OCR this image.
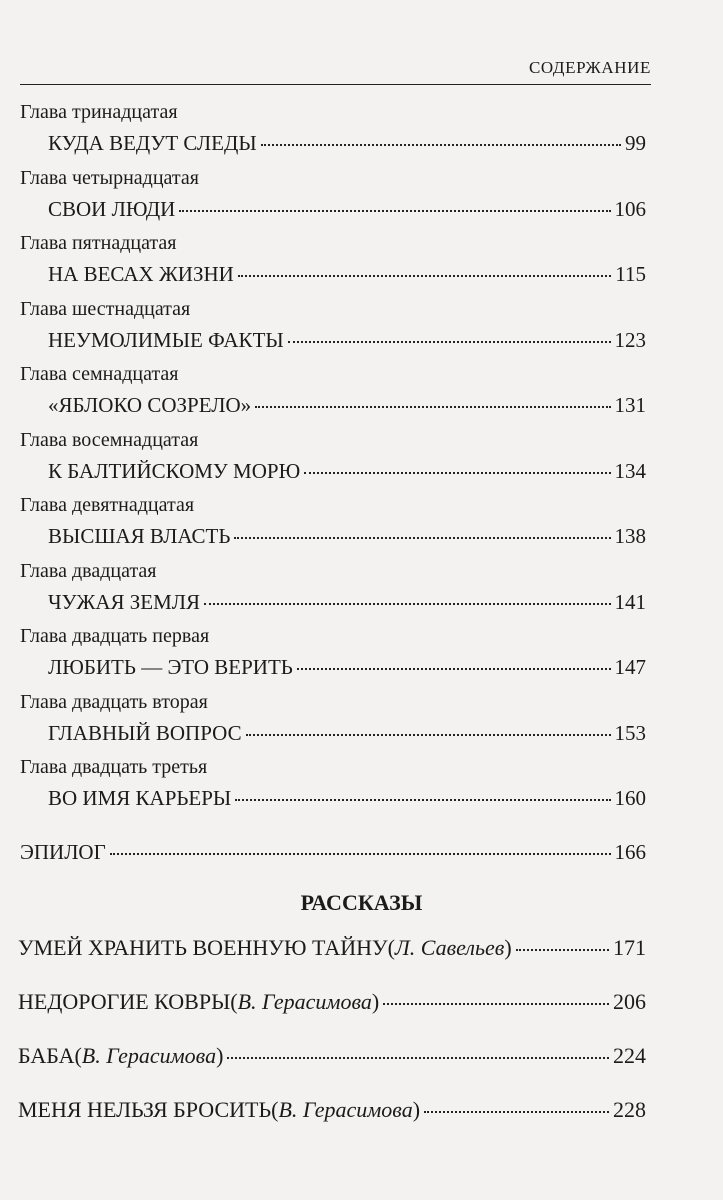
СОДЕРЖАНИЕ
Глава тринадцатая
КУДА ВЕДУТ СЛЕДЫ	99
Глава четырнадцатая
СВОИ ЛЮДИ	106
Глава пятнадцатая
НА ВЕСАХ ЖИЗНИ	115
Глава шестнадцатая
НЕУМОЛИМЫЕ ФАКТЫ	123
Глава семнадцатая
«ЯБЛОКО СОЗРЕЛО»	131
Глава восемнадцатая
К БАЛТИЙСКОМУ МОРЮ	134
Глава девятнадцатая
ВЫСШАЯ ВЛАСТЬ	138
Глава двадцатая
ЧУЖАЯ ЗЕМЛЯ	141
Глава двадцать первая
ЛЮБИТЬ — ЭТО ВЕРИТЬ	147
Глава двадцать вторая
ГЛАВНЫЙ ВОПРОС	153
Глава двадцать третья
ВО ИМЯ КАРЬЕРЫ	160
ЭПИЛОГ	166
РАССКАЗЫ
УМЕЙ ХРАНИТЬ ВОЕННУЮ ТАЙНУ ( Л. Савельев )	171
НЕДОРОГИЕ КОВРЫ ( В. Герасимова )	206
БАБА ( В. Герасимова )	224
МЕНЯ НЕЛЬЗЯ БРОСИТЬ ( В. Герасимова )	228
